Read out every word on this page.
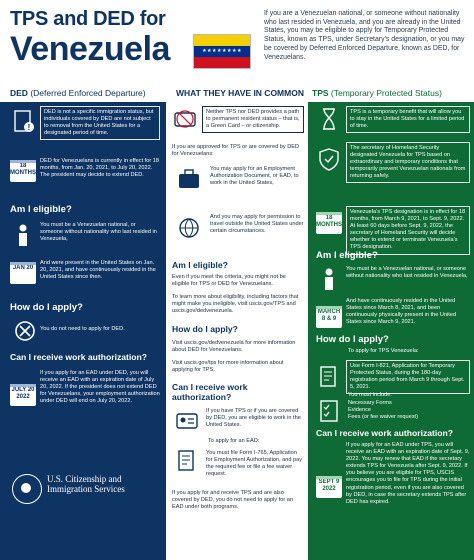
TPS and DED for
Venezuela	★★★★★★★★
If you are a Venezuelan national, or someone without nationality who last resided in Venezuela, and you are already in the United States, you may be eligible to apply for Temporary Protected Status, known as TPS, under Secretary’s designation, or you may be covered by Deferred Enforced Departure, known as DED, for Venezuelans.
DED (Deferred Enforced Departure)	WHAT THEY HAVE IN COMMON TPS (Temporary Protected Status)
!
DED is not a specific immigration status, but individuals covered by DED are not subject to removal from the United States for a designated period of time.
18 MONTHS
DED for Venezuelans is currently in effect for 18 months, from Jan. 20, 2021, to July 20, 2022. The president may decide to extend DED.
Am I eligible?
You must be a Venezuelan national, or someone without nationality who last resided in Venezuela,
JAN 20
And were present in the United States on Jan. 20, 2021, and have continuously resided in the United States since then.
How do I apply?
You do not need to apply for DED.
Can I receive work authorization?
JULY 20 2022
If you apply for an EAD under DED, you will receive an EAD with an expiration date of July 20, 2022. If the president does not extend DED for Venezuelans, your employment authorization under DED will end on July 20, 2022.
U.S. Citizenship and Immigration Services
Neither TPS nor DED provides a path to permanent resident status – that is, a Green Card – or citizenship.
If you are approved for TPS or are covered by DED for Venezuelans:
You may apply for an Employment Authorization Document, or EAD, to work in the United States,
And you may apply for permission to travel outside the United States under certain circumstances.
Am I eligible?
Even if you meet the criteria, you might not be eligible for TPS or DED for Venezuelans.
To learn more about eligibility, including factors that might make you ineligible, visit uscis.gov/TPS and uscis.gov/dedvenezuela.
How do I apply?
Visit uscis.gov/dedvenezuela for more information about DED for Venezuelans.
Visit uscis.gov/tps for more information about applying for TPS.
Can I receive work authorization?
If you have TPS or if you are covered by DED, you are eligible to work in the United States.
To apply for an EAD:
You must file Form I-765, Application for Employment Authorization, and pay the required fee or file a fee waiver request.
If you apply for and receive TPS and are also covered by DED, you do not need to apply for an EAD under both programs.
TPS is a temporary benefit that will allow you to stay in the United States for a limited period of time.
The secretary of Homeland Security designated Venezuela for TPS based on extraordinary and temporary conditions that temporarily prevent Venezuelan nationals from returning safely.
18 MONTHS
Venezuela’s TPS designation is in effect for 18 months, from March 9, 2021, to Sept. 9, 2022. At least 60 days before Sept. 9, 2022, the secretary of Homeland Security will decide whether to extend or terminate Venezuela’s TPS designation.
Am I eligible?
You must be a Venezuelan national, or someone without nationality who last resided in Venezuela,
MARCH 8 & 9
And have continuously resided in the United States since March 8, 2021, and been continuously physically present in the United States since March 9, 2021.
How do I apply?
To apply for TPS Venezuela:
Use Form I-821, Application for Temporary Protected Status, during the 180-day registration period from March 9 through Sept. 5, 2021.
You must include:
Necessary Forms
Evidence
Fees (or fee waiver request)
Can I receive work authorization?
SEPT 9 2022
If you apply for an EAD under TPS, you will receive an EAD with an expiration date of Sept. 9, 2022. You may renew that EAD if the secretary extends TPS for Venezuela after Sept. 9, 2022. If you believe you are eligible for TPS, USCIS encourages you to file for TPS during the initial registration period, even if you are also covered by DED, in case the secretary extends TPS after DED has expired.
